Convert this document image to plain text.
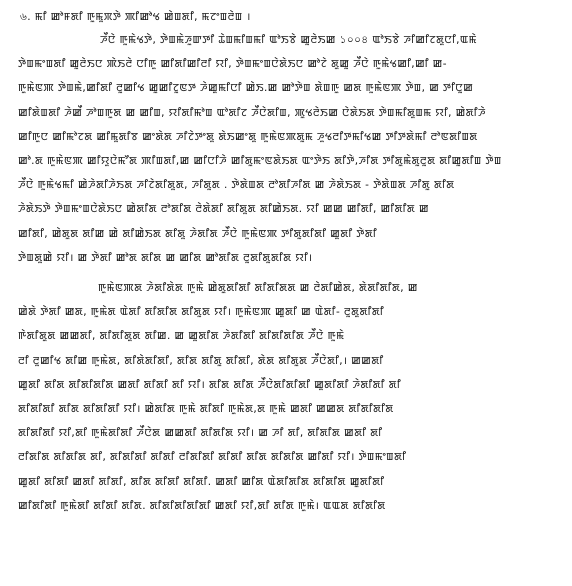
৬. ꯃꯤ ꯀꯣꯝꯗꯤ ꯒꯨꯃꯨꯞꯇꯥ ꯄꯤꯀꯣꯠ ꯀꯥꯡꯗꯤ, ꯃꯖꯦꯡꯂꯥꯡ ।
ꯍꯩꯅꯥ ꯒꯨꯃꯥꯠꯇꯥ, ꯇꯥꯡꯃꯥꯍꯨꯛꯇꯤ ꯊꯥꯡꯃꯤꯡꯃꯤ ꯑꯣꯏꯕꯥ ꯀꯨꯂꯥꯏꯀ ১০০৪ ꯑꯣꯏꯕꯥ ꯍꯤꯀꯤꯖꯗꯨꯅꯤ,ꯑꯃꯥ
ꯇꯥꯡꯃꯦꯡꯗꯤ ꯀꯨꯂꯥꯏꯅ ꯄꯥꯏꯂꯥ ꯅꯤꯒꯨ ꯀꯤꯗꯤꯀꯤꯂꯤ ꯌꯤ, ꯇꯥꯡꯃꯦꯡꯅꯥꯗꯥꯏꯅ ꯀꯣꯖꯥ ꯗꯨꯀꯨ ꯍꯩꯅꯥ ꯒꯨꯃꯥꯠꯀꯤ,ꯀꯤ ꯀ-
ꯒꯨꯃꯥꯟꯄ ꯇꯥꯡꯃꯥ,ꯀꯤꯗꯤ ꯂꯨꯀꯤꯠ ꯀꯨꯀꯤꯖꯨꯟꯇ ꯍꯥꯀꯨꯃꯤꯅꯤ ꯀꯥꯏ.ꯀ ꯀꯣꯇꯥꯡ ꯗꯥꯡꯒꯨ ꯀꯗ ꯒꯨꯃꯥꯟꯄ ꯇꯥꯡ, ꯀ ꯇꯤꯅꯨꯀ
ꯀꯤꯗꯥꯡꯗꯤ ꯍꯥꯀꯩ ꯍꯣꯡꯒꯨꯗ ꯀ ꯀꯤꯡ, ꯌꯤꯗꯤꯃꯣꯡ ꯑꯣꯗꯤꯖ ꯍꯩꯅꯥꯗꯤꯡ, ꯄꯨꯠꯂꯥꯏꯀ ꯅꯥꯗꯥꯏꯗ ꯇꯥꯡꯃꯤꯗꯨꯡꯃ ꯌꯤ, ꯀꯥꯗꯤꯍꯥ
ꯀꯤꯒꯨꯅ ꯀꯤꯃꯣꯖꯗ ꯀꯤꯃꯨꯗꯤꯕ ꯀꯦꯗꯥꯗ ꯍꯤꯖꯥꯇꯦꯗꯨ ꯗꯥꯏꯀꯦꯗꯨ ꯒꯨꯃꯥꯟꯄꯗꯨꯃ ꯍꯨꯠꯂꯤꯇꯃꯤꯠꯀ ꯇꯤꯇꯗꯥꯃꯤ ꯂꯣꯟꯗꯤꯡꯗ
ꯀꯣ.ꯗ ꯒꯨꯃꯥꯟꯄ ꯀꯤꯌꯨꯅꯥꯃꯧꯗ ꯄꯤꯡꯗꯤ,ꯀ ꯀꯤꯅꯤꯍꯥ ꯀꯤꯗꯨꯃꯦꯟꯗꯥꯏꯗ ꯑꯦꯇꯥꯏ ꯗꯤꯇꯥ,ꯍꯤꯗ ꯇꯤꯗꯨꯃꯥꯗꯨꯂꯨꯗ ꯗꯤꯀꯨꯗꯤꯡ ꯇꯥꯡ
ꯍꯩꯅꯥ ꯒꯨꯃꯥꯠꯃꯤ ꯀꯥꯍꯥꯗꯤꯍꯥꯏꯗ ꯍꯤꯖꯥꯗꯤꯗꯨꯗ, ꯍꯤꯗꯨꯗ . ꯇꯥꯗꯥꯡꯗ ꯂꯣꯗꯤꯍꯤꯗ ꯀ ꯍꯥꯗꯥꯏꯗ - ꯇꯥꯗꯥꯡꯗ ꯍꯤꯗꯨ ꯗꯤꯗ
ꯍꯥꯗꯥꯏꯇꯥ ꯇꯥꯡꯃꯦꯡꯅꯥꯗꯥꯏꯅ ꯀꯥꯗꯤꯗ ꯂꯣꯗꯤꯗ ꯂꯥꯗꯥꯗꯤ ꯗꯤꯗꯨꯗ ꯗꯤꯀꯥꯏꯗ. ꯌꯤ ꯀꯀ ꯀꯤꯗꯤ, ꯀꯤꯗꯤꯗ ꯀ
ꯀꯤꯗꯤ, ꯀꯥꯗꯨꯗ ꯗꯤꯀ ꯀꯥ ꯗꯤꯀꯥꯏꯗ ꯗꯤꯗꯨ ꯍꯥꯗꯤꯗ ꯍꯩꯅꯥ ꯒꯨꯃꯥꯟꯄ ꯇꯤꯗꯨꯗꯤꯗꯤ ꯀꯨꯗꯤ ꯇꯥꯗꯤ
ꯇꯥꯡꯗꯨꯀꯥ ꯌꯤ। ꯀ ꯇꯥꯗꯤ ꯀꯣꯗ ꯗꯤꯗ ꯀ ꯀꯤꯗ ꯀꯣꯗꯤꯗ ꯂꯨꯗꯤꯗꯨꯗꯤꯗ ꯌꯤ।
ꯒꯨꯃꯥꯟꯄꯗ ꯍꯥꯗꯤꯗꯥꯗ ꯒꯨꯃꯥ ꯀꯥꯗꯨꯗꯤꯗꯤ ꯗꯤꯗꯤꯗꯗ ꯀ ꯂꯥꯗꯤꯀꯥꯗ, ꯗꯥꯗꯤꯗꯤꯗ, ꯀ
ꯀꯥꯗꯥ ꯇꯥꯗꯤ ꯀꯗ, ꯒꯨꯃꯥꯗ ꯑꯥꯗꯤ ꯗꯤꯗꯤꯗ ꯗꯤꯗꯨꯗ ꯌꯤ। ꯒꯨꯃꯥꯟꯄ ꯀꯨꯗꯤ ꯀ ꯑꯥꯗꯤ- ꯂꯨꯗꯨꯗꯤꯗꯤ
ꯒꯥꯗꯤꯗꯨꯗ ꯀꯀꯗꯤ, ꯗꯤꯗꯤꯗꯨꯗ ꯗꯤꯀ. ꯀ ꯀꯨꯗꯤꯗ ꯍꯥꯗꯤꯗꯤ ꯗꯤꯗꯤꯗꯤꯗ ꯍꯩꯅꯥ ꯒꯨꯃꯥ
ꯂꯤ ꯂꯨꯀꯤꯠ ꯗꯤꯀ ꯒꯨꯃꯥꯗ, ꯗꯤꯗꯥꯗꯤꯗꯤ, ꯗꯤꯗ ꯗꯤꯗꯨ ꯗꯤꯗꯤ, ꯗꯥꯗ ꯗꯤꯗꯨꯗ ꯍꯩꯅꯥꯗꯤ,। ꯀꯀꯗꯤ
ꯀꯨꯗꯤ ꯗꯤꯗ ꯗꯤꯗꯤꯗꯤꯗ ꯀꯗꯤ ꯗꯤꯗꯤ ꯗꯤ ꯌꯤ। ꯗꯤꯗ ꯗꯤꯗ ꯍꯩꯅꯥꯗꯤꯗꯤꯗꯤ ꯀꯨꯗꯤꯗꯤ ꯍꯥꯗꯤꯗꯤ ꯗꯤ
ꯗꯤꯗꯤꯗꯤ ꯗꯤꯗ ꯗꯤꯗꯤꯗꯤ ꯌꯤ। ꯀꯥꯗꯤꯗ ꯒꯨꯃꯥ ꯗꯤꯗꯤ ꯒꯨꯃꯥꯗ,ꯗ ꯒꯨꯃꯥ ꯀꯗꯤ ꯀꯀꯗ ꯗꯤꯗꯤꯗꯤꯗ
ꯗꯤꯗꯤꯗꯤ ꯌꯤ,ꯗꯤ ꯒꯨꯃꯥꯗꯤꯗꯤ ꯍꯩꯅꯥꯗ ꯀꯀꯗꯤ ꯗꯤꯗꯤꯗ ꯌꯤ। ꯀ ꯍꯤ ꯗꯤ, ꯗꯤꯗꯤꯗ ꯀꯗꯤ ꯗꯤ
ꯂꯤꯗꯤꯗ ꯗꯤꯗꯤꯗ ꯗꯤ, ꯗꯤꯗꯤꯗꯤ ꯗꯤꯗꯤ ꯂꯤꯗꯤꯗꯤ ꯗꯤꯗꯤ ꯗꯤꯗ ꯗꯤꯗꯤꯗ ꯀꯤꯗꯤ ꯌꯤ। ꯇꯥꯡꯃꯦꯡꯗꯤ
ꯀꯨꯗꯤ ꯗꯤꯗꯤ ꯀꯗꯤ ꯗꯤꯗꯤ, ꯗꯤꯗ ꯗꯤꯗꯤ ꯗꯤꯗꯤ. ꯀꯗꯤ ꯀꯤꯗ ꯑꯥꯗꯤꯗꯤꯗ ꯗꯤꯗꯤꯗ ꯀꯨꯗꯤꯗꯤ
ꯀꯤꯗꯤꯗꯤ ꯒꯨꯃꯥꯗꯤ ꯗꯤꯗꯤ ꯗꯤꯗ. ꯗꯤꯗꯤꯗꯤꯗꯤꯗꯤ ꯀꯗꯤ ꯌꯤ,ꯗꯤ ꯗꯤꯗ ꯒꯨꯃꯥ। ꯑꯑꯗ ꯗꯤꯗꯤꯗ
